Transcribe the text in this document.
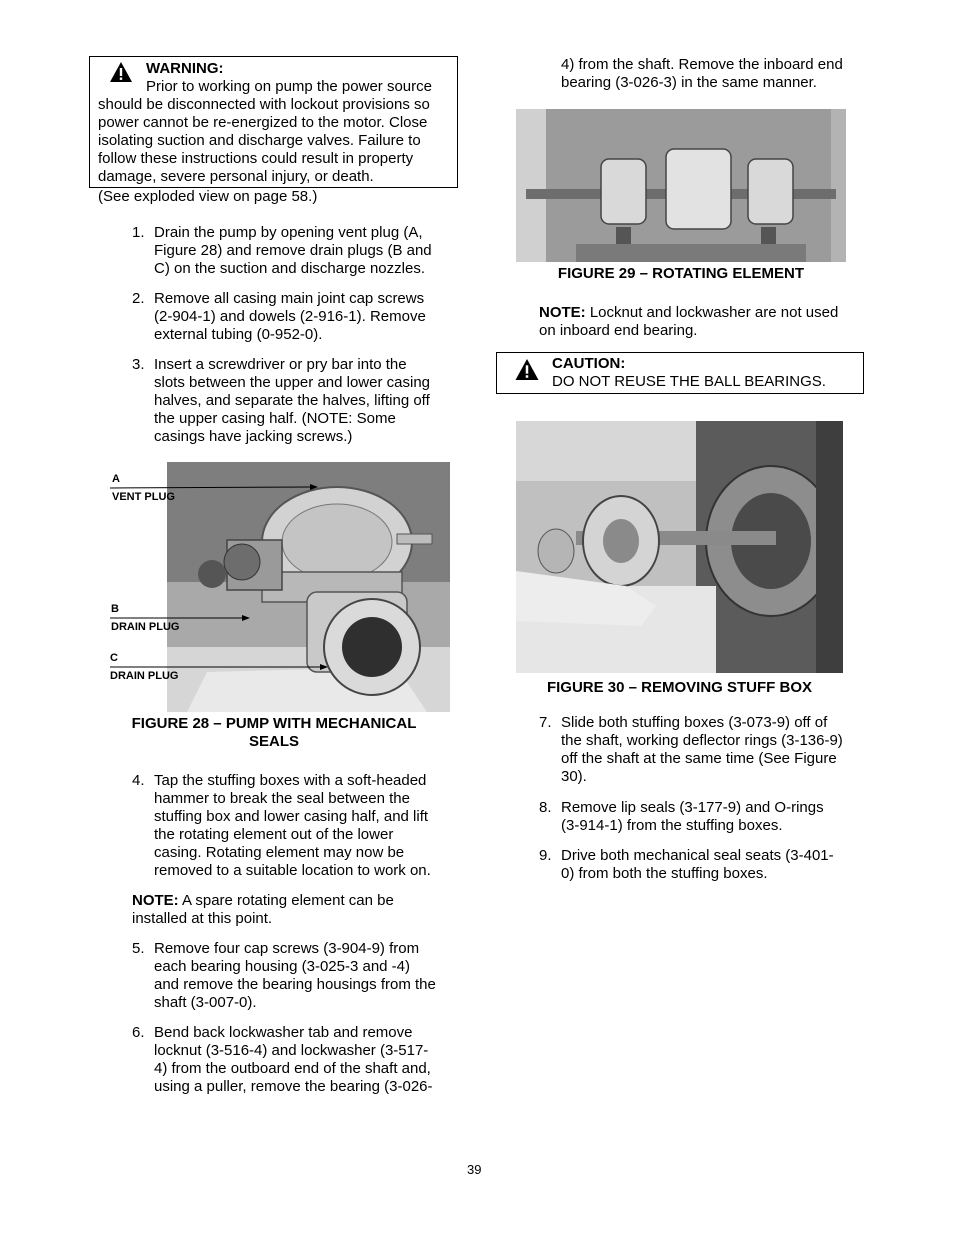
WARNING:
Prior to working on pump the power source
should be disconnected with lockout provisions so
power cannot be re-energized to the motor. Close
isolating suction and discharge valves. Failure to
follow these instructions could result in property
damage, severe personal injury, or death.
(See exploded view on page 58.)
1. Drain the pump by opening vent plug (A,
Figure 28) and remove drain plugs (B and
C) on the suction and discharge nozzles.
2. Remove all casing main joint cap screws
(2-904-1) and dowels (2-916-1). Remove
external tubing (0-952-0).
3. Insert a screwdriver or pry bar into the
slots between the upper and lower casing
halves, and separate the halves, lifting off
the upper casing half. (NOTE: Some
casings have jacking screws.)
A
VENT PLUG
B
DRAIN PLUG
C
DRAIN PLUG
FIGURE 28 – PUMP WITH MECHANICAL
SEALS
4. Tap the stuffing boxes with a soft-headed
hammer to break the seal between the
stuffing box and lower casing half, and lift
the rotating element out of the lower
casing. Rotating element may now be
removed to a suitable location to work on.
NOTE: A spare rotating element can be
installed at this point.
5. Remove four cap screws (3-904-9) from
each bearing housing (3-025-3 and -4)
and remove the bearing housings from the
shaft (3-007-0).
6. Bend back lockwasher tab and remove
locknut (3-516-4) and lockwasher (3-517-
4) from the outboard end of the shaft and,
using a puller, remove the bearing (3-026-
4) from the shaft. Remove the inboard end
bearing (3-026-3) in the same manner.
FIGURE 29 – ROTATING ELEMENT
NOTE: Locknut and lockwasher are not used
on inboard end bearing.
CAUTION:
DO NOT REUSE THE BALL BEARINGS.
FIGURE 30 – REMOVING STUFF BOX
7. Slide both stuffing boxes (3-073-9) off of
the shaft, working deflector rings (3-136-9)
off the shaft at the same time (See Figure
30).
8. Remove lip seals (3-177-9) and O-rings
(3-914-1) from the stuffing boxes.
9. Drive both mechanical seal seats (3-401-
0) from both the stuffing boxes.
39
